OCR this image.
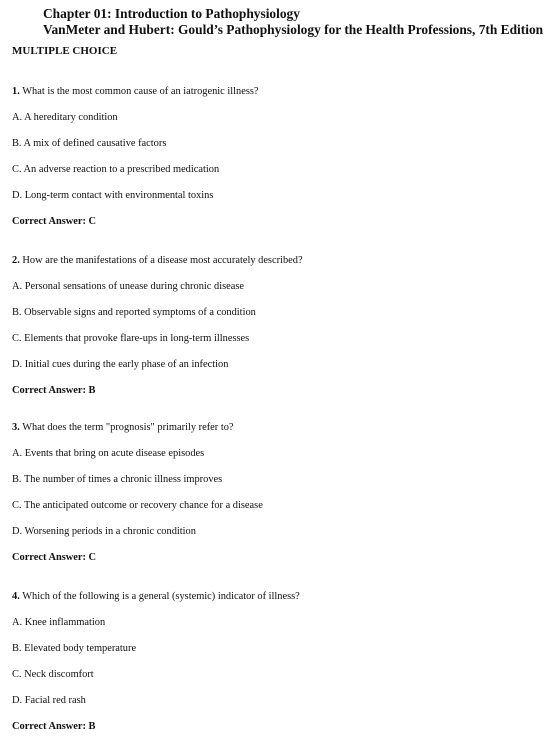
Chapter 01: Introduction to Pathophysiology
VanMeter and Hubert: Gould’s Pathophysiology for the Health Professions, 7th Edition
MULTIPLE CHOICE
1. What is the most common cause of an iatrogenic illness?
A. A hereditary condition
B. A mix of defined causative factors
C. An adverse reaction to a prescribed medication
D. Long-term contact with environmental toxins
Correct Answer: C
2. How are the manifestations of a disease most accurately described?
A. Personal sensations of unease during chronic disease
B. Observable signs and reported symptoms of a condition
C. Elements that provoke flare-ups in long-term illnesses
D. Initial cues during the early phase of an infection
Correct Answer: B
3. What does the term "prognosis" primarily refer to?
A. Events that bring on acute disease episodes
B. The number of times a chronic illness improves
C. The anticipated outcome or recovery chance for a disease
D. Worsening periods in a chronic condition
Correct Answer: C
4. Which of the following is a general (systemic) indicator of illness?
A. Knee inflammation
B. Elevated body temperature
C. Neck discomfort
D. Facial red rash
Correct Answer: B
